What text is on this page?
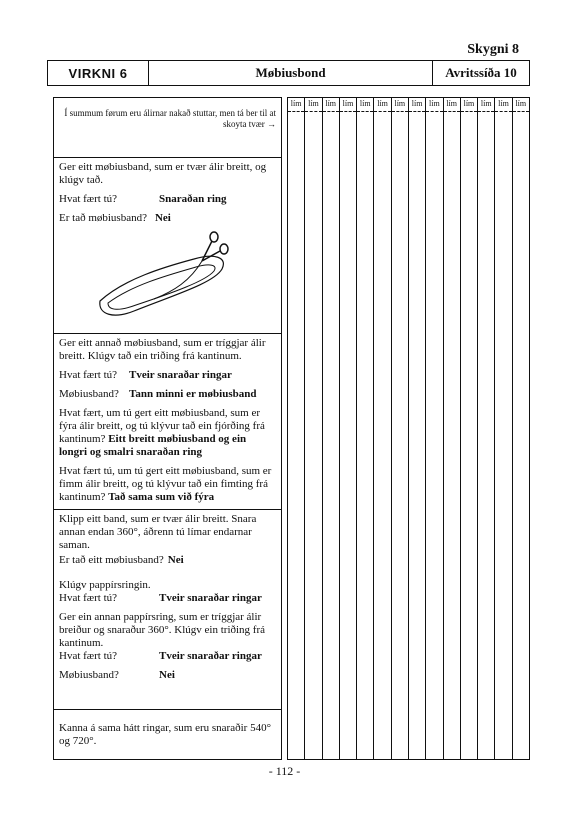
Skygni 8
VIRKNI 6	Møbiusbond	Avritssíða 10
Í summum førum eru álirnar nakað stuttar, men tá ber til at skoyta tvær →

Ger eitt møbiusband, sum er tvær álir breitt, og klúgv tað.

Hvat fært tú?	Snaraðan ring
Er tað møbiusband? Nei

Ger eitt annað møbiusband, sum er tríggjar álir breitt. Klúgv tað ein triðing frá kantinum.

Hvat fært tú?	Tveir snaraðar ringar
Møbiusband? Tann minni er møbiusband

Hvat fært, um tú gert eitt møbiusband, sum er fýra álir breitt, og tú klývur tað ein fjórðing frá kantinum? Eitt breitt møbiusband og ein longri og smalri snaraðan ring

Hvat fært tú, um tú gert eitt møbiusband, sum er fimm álir breitt, og tú klývur tað ein fimting frá kantinum? Tað sama sum við fýra

Klipp eitt band, sum er tvær álir breitt. Snara annan endan 360°, áðrenn tú límar endarnar saman.

Er tað eitt møbiusband? Nei

Klúgv pappírsringin.

Hvat fært tú?	Tveir snaraðar ringar

Ger ein annan pappírsring, sum er tríggjar álir breiður og snaraður 360°. Klúgv ein triðing frá kantinum.

Hvat fært tú?	Tveir snaraðar ringar
Møbiusband?	Nei

Kanna á sama hátt ringar, sum eru snaraðir 540° og 720°.

lím lím lím lím lím lím lím lím lím lím lím lím lím lím
- 112 -
